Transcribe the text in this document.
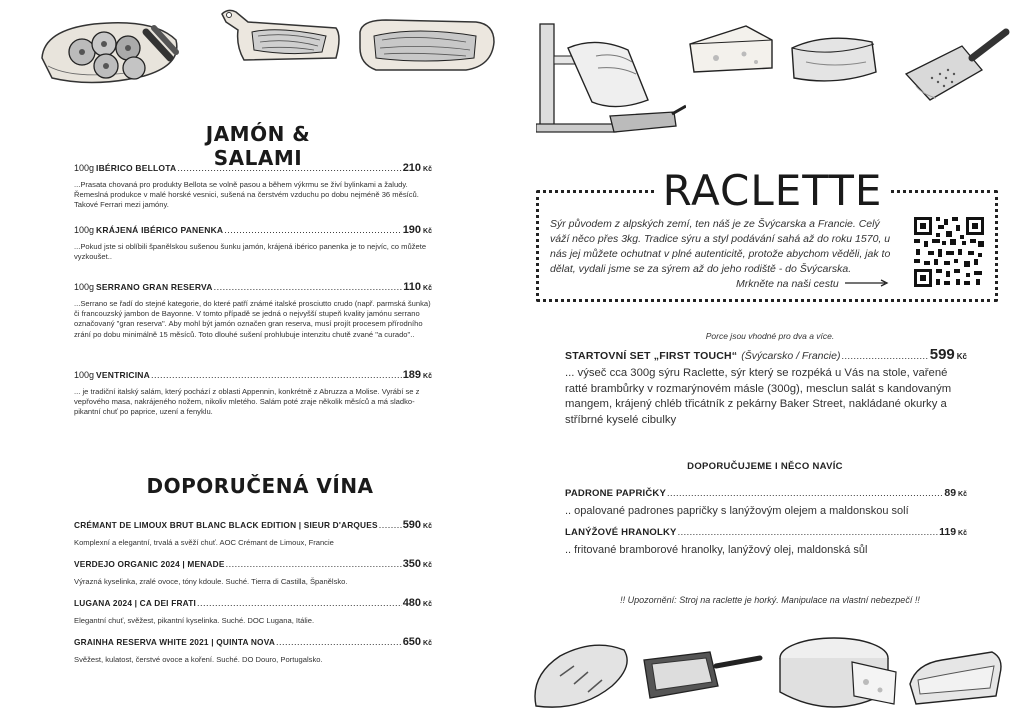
JAMÓN & SALAMI
100g IBÉRICO BELLOTA .....	210 Kč
...Prasata chovaná pro produkty Bellota se volně pasou a během výkrmu se živí bylinkami a žaludy. Řemeslná produkce v malé horské vesnici, sušená na čerstvém vzduchu po dobu nejméně 36 měsíců. Takové Ferrari mezi jamóny.
100g KRÁJENÁ IBÉRICO PANENKA .....	190 Kč
...Pokud jste si oblíbili španělskou sušenou šunku jamón, krájená ibérico panenka je to nejvíc, co můžete vyzkoušet..
100g SERRANO GRAN RESERVA .....	110 Kč
...Serrano se řadí do stejné kategorie, do které patří známé italské prosciutto crudo (např. parmská šunka) či francouzský jambon de Bayonne. V tomto případě se jedná o nejvyšší stupeň kvality jamónu serrano označovaný "gran reserva". Aby mohl být jamón označen gran reserva, musí projít procesem přírodního zrání po dobu minimálně 15 měsíců. Toto dlouhé sušení prohlubuje intenzitu chutě zvané "a curado"..
100g VENTRICINA .....	189 Kč
... je tradiční italský salám, který pochází z oblasti Appennin, konkrétně z Abruzza a Molise. Vyrábí se z vepřového masa, nakrájeného nožem, nikoliv mletého. Salám poté zraje několik měsíců a má sladko-pikantní chuť po paprice, uzení a fenyklu.
DOPORUČENÁ VÍNA
CRÉMANT DE LIMOUX BRUT BLANC BLACK EDITION | SIEUR D'ARQUES ..... 590 Kč
Komplexní a elegantní, trvalá a svěží chuť. AOC Crémant de Limoux, Francie
VERDEJO ORGANIC 2024 | MENADE .....	350 Kč
Výrazná kyselinka, zralé ovoce, tóny kdoule. Suché. Tierra di Castilla, Španělsko.
LUGANA 2024 | CA DEI FRATI .....	480 Kč
Elegantní chuť, svěžest, pikantní kyselinka. Suché. DOC Lugana, Itálie.
GRAINHA RESERVA WHITE 2021 | QUINTA NOVA .....	650 Kč
Svěžest, kulatost, čerstvé ovoce a koření. Suché. DO Douro, Portugalsko.
RACLETTE
Sýr původem z alpských zemí, ten náš je ze Švýcarska a Francie. Celý váží něco přes 3kg. Tradice sýru a styl podávání sahá až do roku 1570, u nás jej můžete ochutnat v plné autenticitě, protože abychom věděli, jak to dělat, vydali jsme se za sýrem až do jeho rodiště - do Švýcarska.
Mrkněte na naši cestu
Porce jsou vhodné pro dva a více.
STARTOVNÍ SET „FIRST TOUCH“ (Švýcarsko / Francie) .....	599 Kč
... výseč cca 300g sýru Raclette, sýr který se rozpéká u Vás na stole, vařené ratté brambůrky v rozmarýnovém másle (300g), mesclun salát s kandovaným mangem, krájený chléb třicátník z pekárny Baker Street, nakládané okurky a stříbrné kyselé cibulky
DOPORUČUJEME I NĚCO NAVÍC
PADRONE PAPRIČKY .....	89 Kč
.. opalované padrones papričky s lanýžovým olejem a maldonskou solí
LANÝŽOVÉ HRANOLKY .....	119 Kč
.. fritované bramborové hranolky, lanýžový olej, maldonská sůl
!! Upozornění: Stroj na raclette je horký. Manipulace na vlastní nebezpečí !!
